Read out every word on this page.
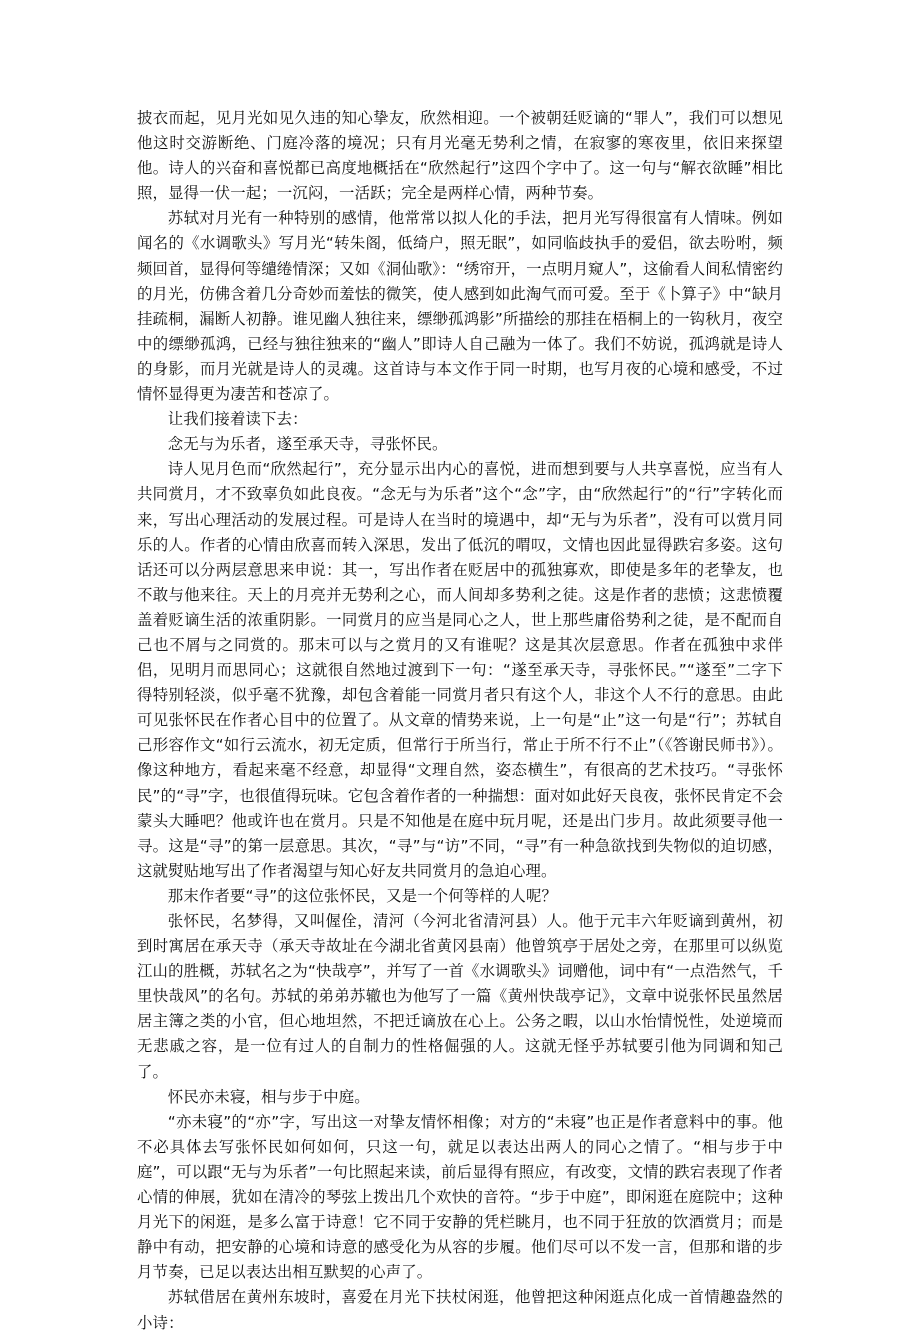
披衣而起，见月光如见久违的知心挚友，欣然相迎。一个被朝廷贬谪的“罪人”，我们可以想见他这时交游断绝、门庭冷落的境况；只有月光毫无势利之情，在寂寥的寒夜里，依旧来探望他。诗人的兴奋和喜悦都已高度地概括在“欣然起行”这四个字中了。这一句与“解衣欲睡”相比照，显得一伏一起；一沉闷，一活跃；完全是两样心情，两种节奏。

苏轼对月光有一种特别的感情，他常常以拟人化的手法，把月光写得很富有人情味。例如闻名的《水调歌头》写月光“转朱阁，低绮户，照无眠”，如同临歧执手的爱侣，欲去吩咐，频频回首，显得何等缱绻情深；又如《洞仙歌》：“绣帘开，一点明月窥人”，这偷看人间私情密约的月光，仿佛含着几分奇妙而羞怯的微笑，使人感到如此淘气而可爱。至于《卜算子》中“缺月挂疏桐，漏断人初静。谁见幽人独往来，缥缈孤鸿影”所描绘的那挂在梧桐上的一钩秋月，夜空中的缥缈孤鸿，已经与独往独来的“幽人”即诗人自己融为一体了。我们不妨说，孤鸿就是诗人的身影，而月光就是诗人的灵魂。这首诗与本文作于同一时期，也写月夜的心境和感受，不过情怀显得更为凄苦和苍凉了。

让我们接着读下去：

念无与为乐者，遂至承天寺，寻张怀民。

诗人见月色而“欣然起行”，充分显示出内心的喜悦，进而想到要与人共享喜悦，应当有人共同赏月，才不致辜负如此良夜。“念无与为乐者”这个“念”字，由“欣然起行”的“行”字转化而来，写出心理活动的发展过程。可是诗人在当时的境遇中，却“无与为乐者”，没有可以赏月同乐的人。作者的心情由欣喜而转入深思，发出了低沉的喟叹，文情也因此显得跌宕多姿。这句话还可以分两层意思来申说：其一，写出作者在贬居中的孤独寡欢，即使是多年的老挚友，也不敢与他来往。天上的月亮并无势利之心，而人间却多势利之徒。这是作者的悲愤；这悲愤覆盖着贬谪生活的浓重阴影。一同赏月的应当是同心之人，世上那些庸俗势利之徒，是不配而自己也不屑与之同赏的。那末可以与之赏月的又有谁呢？这是其次层意思。作者在孤独中求伴侣，见明月而思同心；这就很自然地过渡到下一句：“遂至承天寺，寻张怀民。”“遂至”二字下得特别轻淡，似乎毫不犹豫，却包含着能一同赏月者只有这个人，非这个人不行的意思。由此可见张怀民在作者心目中的位置了。从文章的情势来说，上一句是“止”这一句是“行”；苏轼自己形容作文“如行云流水，初无定质，但常行于所当行，常止于所不行不止”（《答谢民师书》）。像这种地方，看起来毫不经意，却显得“文理自然，姿态横生”，有很高的艺术技巧。“寻张怀民”的“寻”字，也很值得玩味。它包含着作者的一种揣想：面对如此好天良夜，张怀民肯定不会蒙头大睡吧？他或许也在赏月。只是不知他是在庭中玩月呢，还是出门步月。故此须要寻他一寻。这是“寻”的第一层意思。其次，“寻”与“访”不同，“寻”有一种急欲找到失物似的迫切感，这就熨贴地写出了作者渴望与知心好友共同赏月的急迫心理。

那末作者要“寻”的这位张怀民，又是一个何等样的人呢？

张怀民，名梦得，又叫偓佺，清河（今河北省清河县）人。他于元丰六年贬谪到黄州，初到时寓居在承天寺（承天寺故址在今湖北省黄冈县南）他曾筑亭于居处之旁，在那里可以纵览江山的胜概，苏轼名之为“快哉亭”，并写了一首《水调歌头》词赠他，词中有“一点浩然气，千里快哉风”的名句。苏轼的弟弟苏辙也为他写了一篇《黄州快哉亭记》，文章中说张怀民虽然居居主簿之类的小官，但心地坦然，不把迁谪放在心上。公务之暇，以山水怡情悦性，处逆境而无悲戚之容，是一位有过人的自制力的性格倔强的人。这就无怪乎苏轼要引他为同调和知己了。

怀民亦未寝，相与步于中庭。

“亦未寝”的“亦”字，写出这一对挚友情怀相像；对方的“未寝”也正是作者意料中的事。他不必具体去写张怀民如何如何，只这一句，就足以表达出两人的同心之情了。“相与步于中庭”，可以跟“无与为乐者”一句比照起来读，前后显得有照应，有改变，文情的跌宕表现了作者心情的伸展，犹如在清冷的琴弦上拨出几个欢快的音符。“步于中庭”，即闲逛在庭院中；这种月光下的闲逛，是多么富于诗意！它不同于安静的凭栏眺月，也不同于狂放的饮酒赏月；而是静中有动，把安静的心境和诗意的感受化为从容的步履。他们尽可以不发一言，但那和谐的步月节奏，已足以表达出相互默契的心声了。

苏轼借居在黄州东坡时，喜爱在月光下扶杖闲逛，他曾把这种闲逛点化成一首情趣盎然的小诗：
